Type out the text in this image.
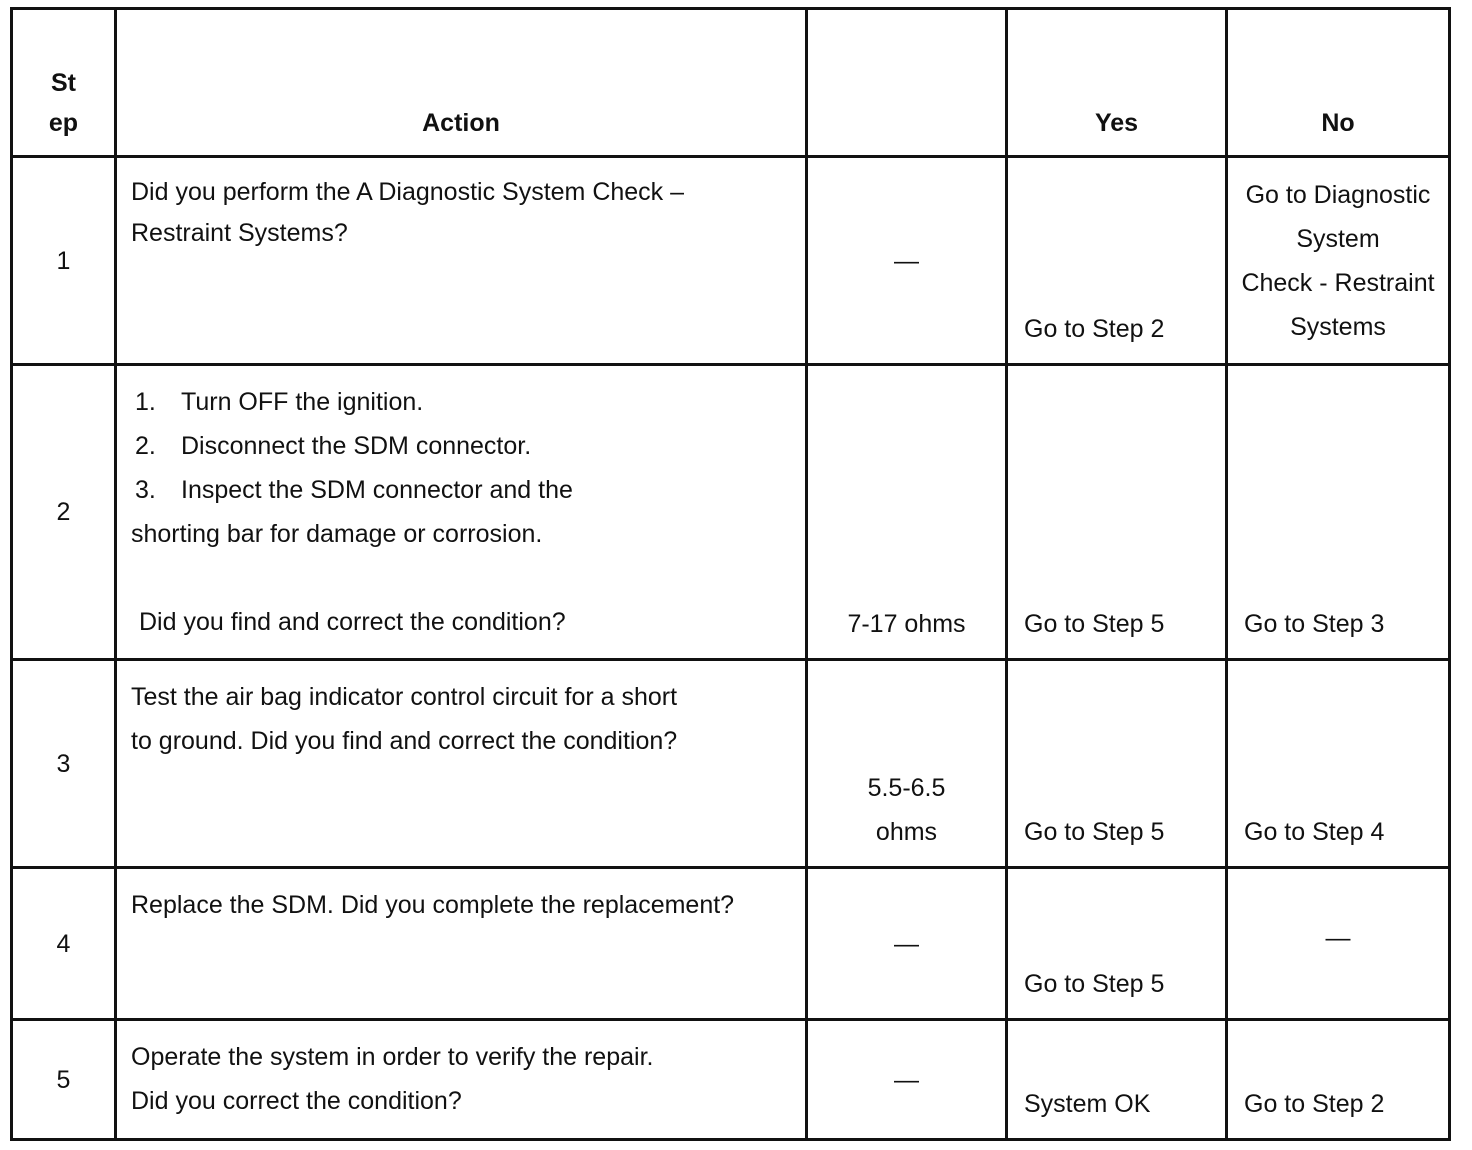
St
ep	Action		Yes	No
1	Did you perform the A Diagnostic System Check –
Restraint Systems?	—	Go to Step 2	Go to Diagnostic
System
Check - Restraint
Systems

2	1. Turn OFF the ignition.
2. Disconnect the SDM connector.
3. Inspect the SDM connector and the
shorting bar for damage or corrosion.
Did you find and correct the condition?	7-17 ohms	Go to Step 5	Go to Step 3
3	Test the air bag indicator control circuit for a short
to ground. Did you find and correct the condition?	5.5-6.5
ohms	Go to Step 5	Go to Step 4
4	Replace the SDM. Did you complete the replacement?	—	Go to Step 5	—
5	Operate the system in order to verify the repair.
Did you correct the condition?	—	System OK	Go to Step 2
